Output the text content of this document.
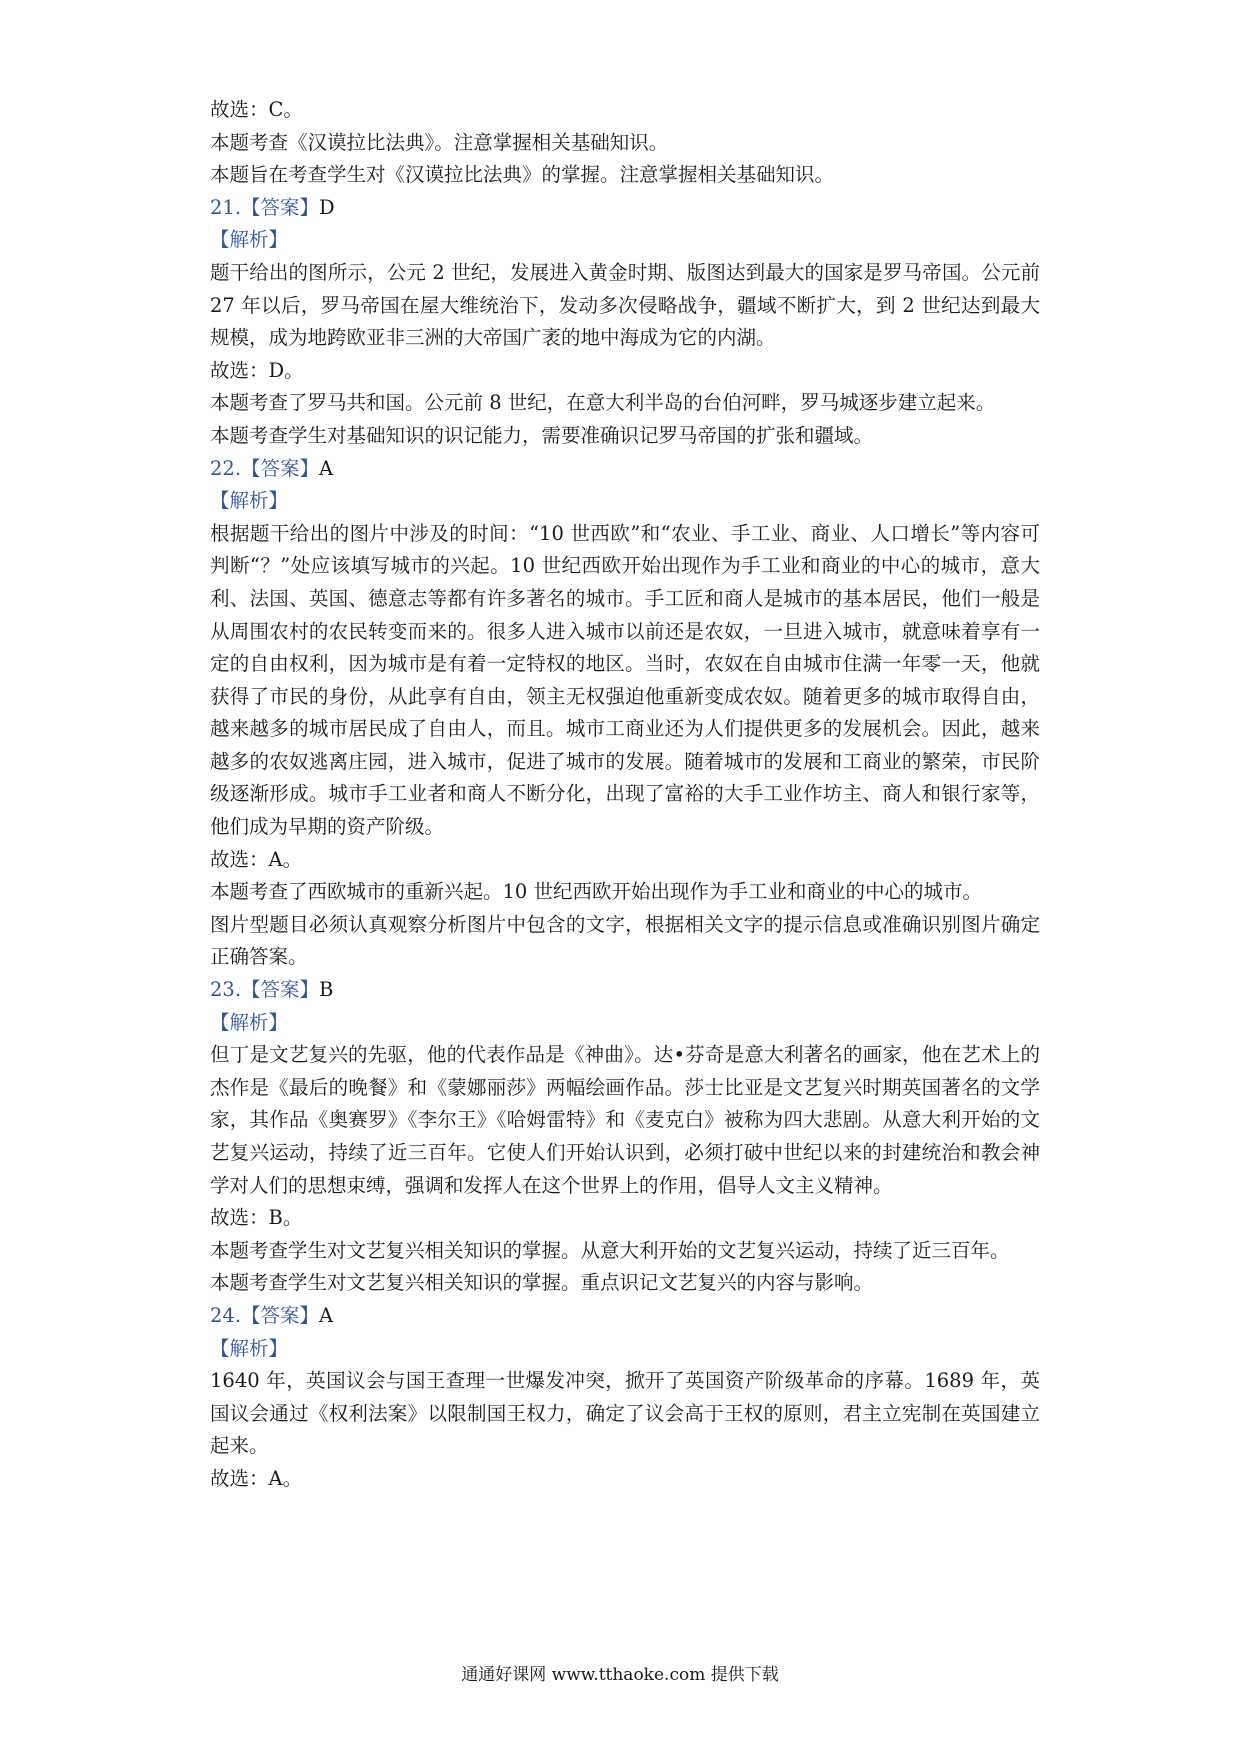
故选：C。

本题考查《汉谟拉比法典》。注意掌握相关基础知识。

本题旨在考查学生对《汉谟拉比法典》的掌握。注意掌握相关基础知识。

21.【答案】D

【解析】

题干给出的图所示，公元 2 世纪，发展进入黄金时期、版图达到最大的国家是罗马帝国。公元前 27 年以后，罗马帝国在屋大维统治下，发动多次侵略战争，疆域不断扩大，到 2 世纪达到最大规模，成为地跨欧亚非三洲的大帝国广袤的地中海成为它的内湖。

故选：D。

本题考查了罗马共和国。公元前 8 世纪，在意大利半岛的台伯河畔，罗马城逐步建立起来。

本题考查学生对基础知识的识记能力，需要准确识记罗马帝国的扩张和疆域。

22.【答案】A

【解析】

根据题干给出的图片中涉及的时间：“10 世西欧”和“农业、手工业、商业、人口增长”等内容可判断“？”处应该填写城市的兴起。10 世纪西欧开始出现作为手工业和商业的中心的城市，意大利、法国、英国、德意志等都有许多著名的城市。手工匠和商人是城市的基本居民，他们一般是从周围农村的农民转变而来的。很多人进入城市以前还是农奴，一旦进入城市，就意味着享有一定的自由权利，因为城市是有着一定特权的地区。当时，农奴在自由城市住满一年零一天，他就获得了市民的身份，从此享有自由，领主无权强迫他重新变成农奴。随着更多的城市取得自由，越来越多的城市居民成了自由人，而且。城市工商业还为人们提供更多的发展机会。因此，越来越多的农奴逃离庄园，进入城市，促进了城市的发展。随着城市的发展和工商业的繁荣，市民阶级逐渐形成。城市手工业者和商人不断分化，出现了富裕的大手工业作坊主、商人和银行家等，他们成为早期的资产阶级。

故选：A。

本题考查了西欧城市的重新兴起。10 世纪西欧开始出现作为手工业和商业的中心的城市。

图片型题目必须认真观察分析图片中包含的文字，根据相关文字的提示信息或准确识别图片确定正确答案。

23.【答案】B

【解析】

但丁是文艺复兴的先驱，他的代表作品是《神曲》。达•芬奇是意大利著名的画家，他在艺术上的杰作是《最后的晚餐》和《蒙娜丽莎》两幅绘画作品。莎士比亚是文艺复兴时期英国著名的文学家，其作品《奥赛罗》《李尔王》《哈姆雷特》和《麦克白》被称为四大悲剧。从意大利开始的文艺复兴运动，持续了近三百年。它使人们开始认识到，必须打破中世纪以来的封建统治和教会神学对人们的思想束缚，强调和发挥人在这个世界上的作用，倡导人文主义精神。

故选：B。

本题考查学生对文艺复兴相关知识的掌握。从意大利开始的文艺复兴运动，持续了近三百年。

本题考查学生对文艺复兴相关知识的掌握。重点识记文艺复兴的内容与影响。

24.【答案】A

【解析】

1640 年，英国议会与国王查理一世爆发冲突，掀开了英国资产阶级革命的序幕。1689 年，英国议会通过《权利法案》以限制国王权力，确定了议会高于王权的原则，君主立宪制在英国建立起来。

故选：A。

通通好课网 www.tthaoke.com 提供下载
